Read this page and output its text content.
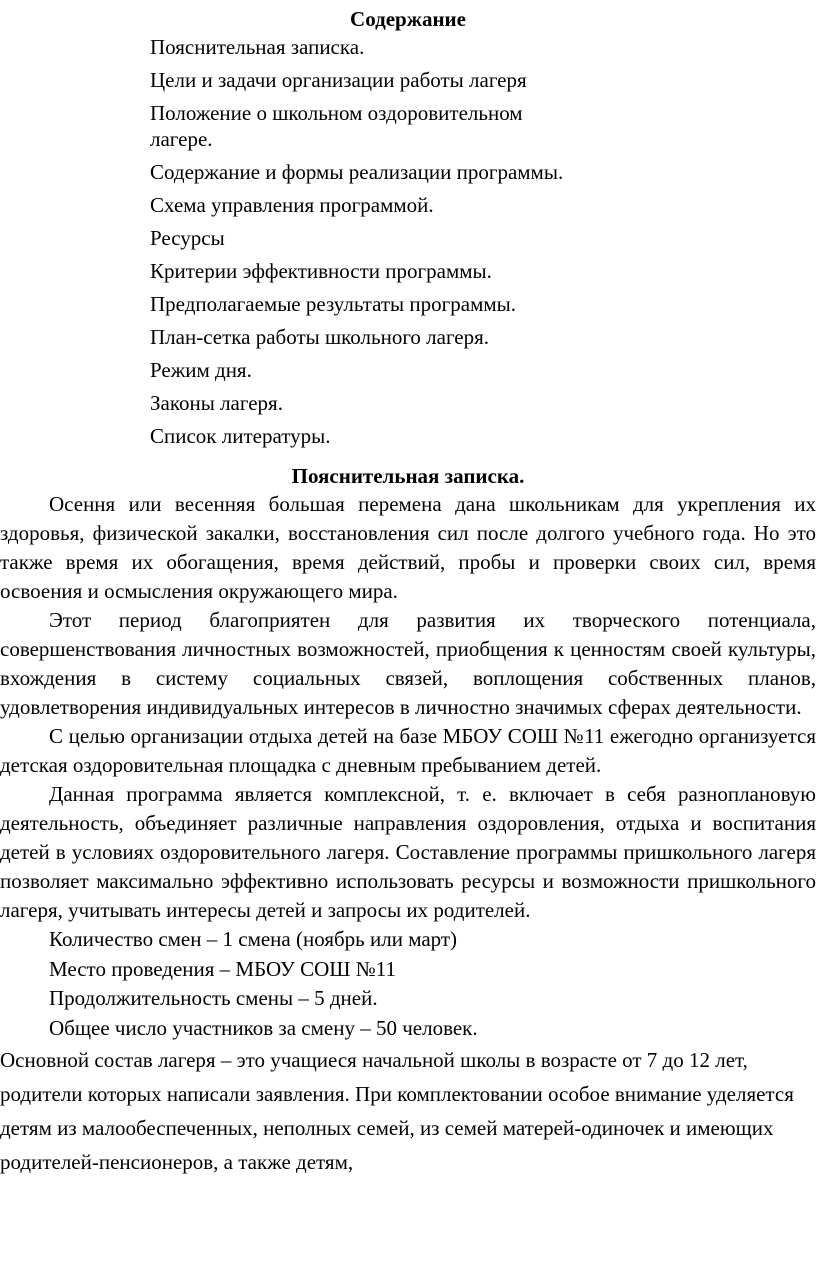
Содержание
Пояснительная записка.
Цели и задачи организации работы лагеря
Положение о школьном оздоровительном лагере.
Содержание и формы реализации программы.
Схема управления программой.
Ресурсы
Критерии эффективности программы.
Предполагаемые результаты программы.
План-сетка работы школьного лагеря.
Режим дня.
Законы лагеря.
Список литературы.
Пояснительная записка.

Осення или весенняя большая перемена дана школьникам для укрепления их здоровья, физической закалки, восстановления сил после долгого учебного года. Но это также время их обогащения, время действий, пробы и проверки своих сил, время освоения и осмысления окружающего мира.

Этот период благоприятен для развития их творческого потенциала, совершенствования личностных возможностей, приобщения к ценностям своей культуры, вхождения в систему социальных связей, воплощения собственных планов, удовлетворения индивидуальных интересов в личностно значимых сферах деятельности.

С целью организации отдыха детей на базе МБОУ СОШ №11 ежегодно организуется детская оздоровительная площадка с дневным пребыванием детей.

Данная программа является комплексной, т. е. включает в себя разноплановую деятельность, объединяет различные направления оздоровления, отдыха и воспитания детей в условиях оздоровительного лагеря. Составление программы пришкольного лагеря позволяет максимально эффективно использовать ресурсы и возможности пришкольного лагеря, учитывать интересы детей и запросы их родителей.

Количество смен – 1 смена (ноябрь или март)

Место проведения – МБОУ СОШ №11

Продолжительность смены – 5 дней.

Общее число участников за смену – 50 человек.

Основной состав лагеря – это учащиеся начальной школы в возрасте от 7 до 12 лет, родители которых написали заявления. При комплектовании особое внимание уделяется детям из малообеспеченных, неполных семей, из семей матерей-одиночек и имеющих родителей-пенсионеров, а также детям,
